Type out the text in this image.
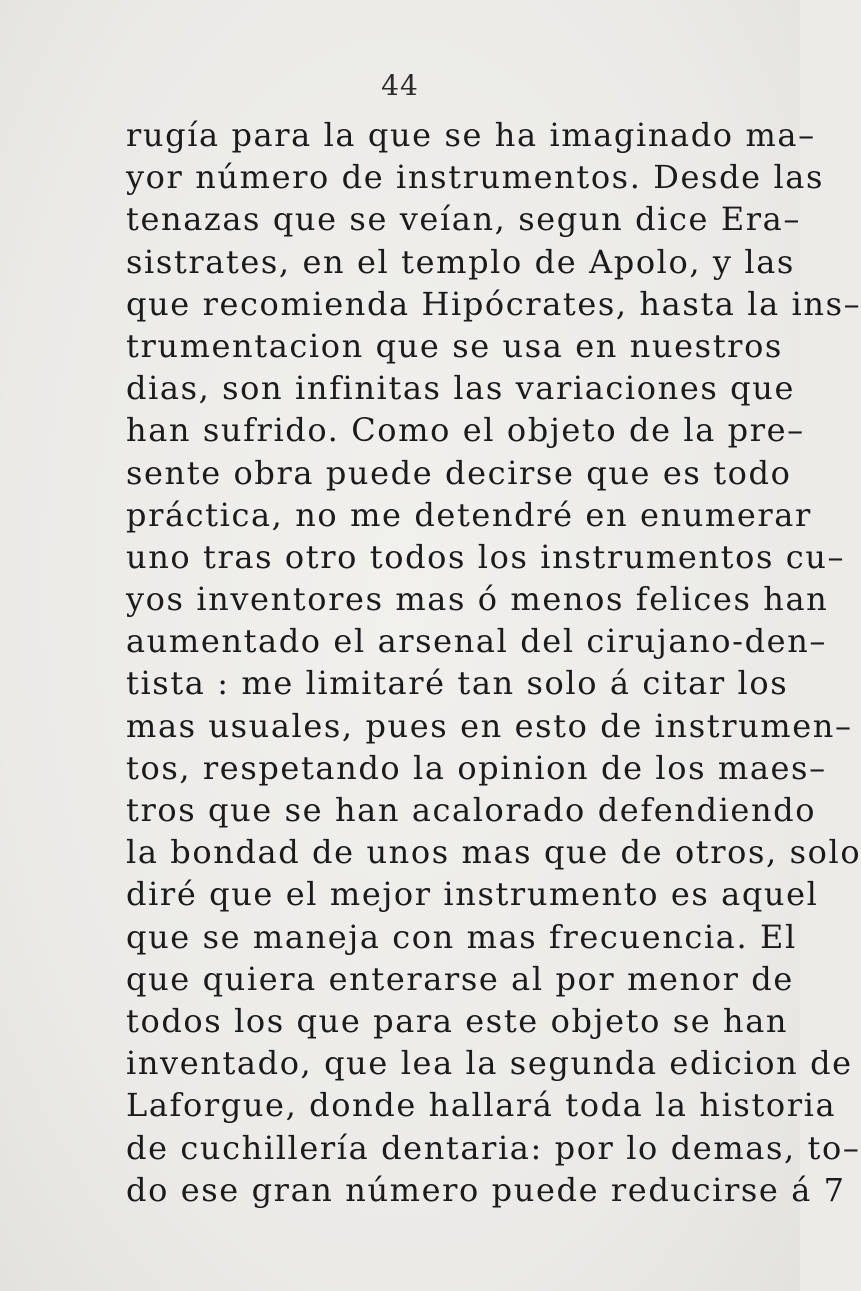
44
rugía para la que se ha imaginado ma–
yor número de instrumentos. Desde las
tenazas que se veían, segun dice Era–
sistrates, en el templo de Apolo, y las
que recomienda Hipócrates, hasta la ins–
trumentacion que se usa en nuestros
dias, son infinitas las variaciones que
han sufrido. Como el objeto de la pre–
sente obra puede decirse que es todo
práctica, no me detendré en enumerar
uno tras otro todos los instrumentos cu–
yos inventores mas ó menos felices han
aumentado el arsenal del cirujano-den–
tista : me limitaré tan solo á citar los
mas usuales, pues en esto de instrumen–
tos, respetando la opinion de los maes–
tros que se han acalorado defendiendo
la bondad de unos mas que de otros, solo
diré que el mejor instrumento es aquel
que se maneja con mas frecuencia. El
que quiera enterarse al por menor de
todos los que para este objeto se han
inventado, que lea la segunda edicion de
Laforgue, donde hallará toda la historia
de cuchillería dentaria: por lo demas, to–
do ese gran número puede reducirse á 7
